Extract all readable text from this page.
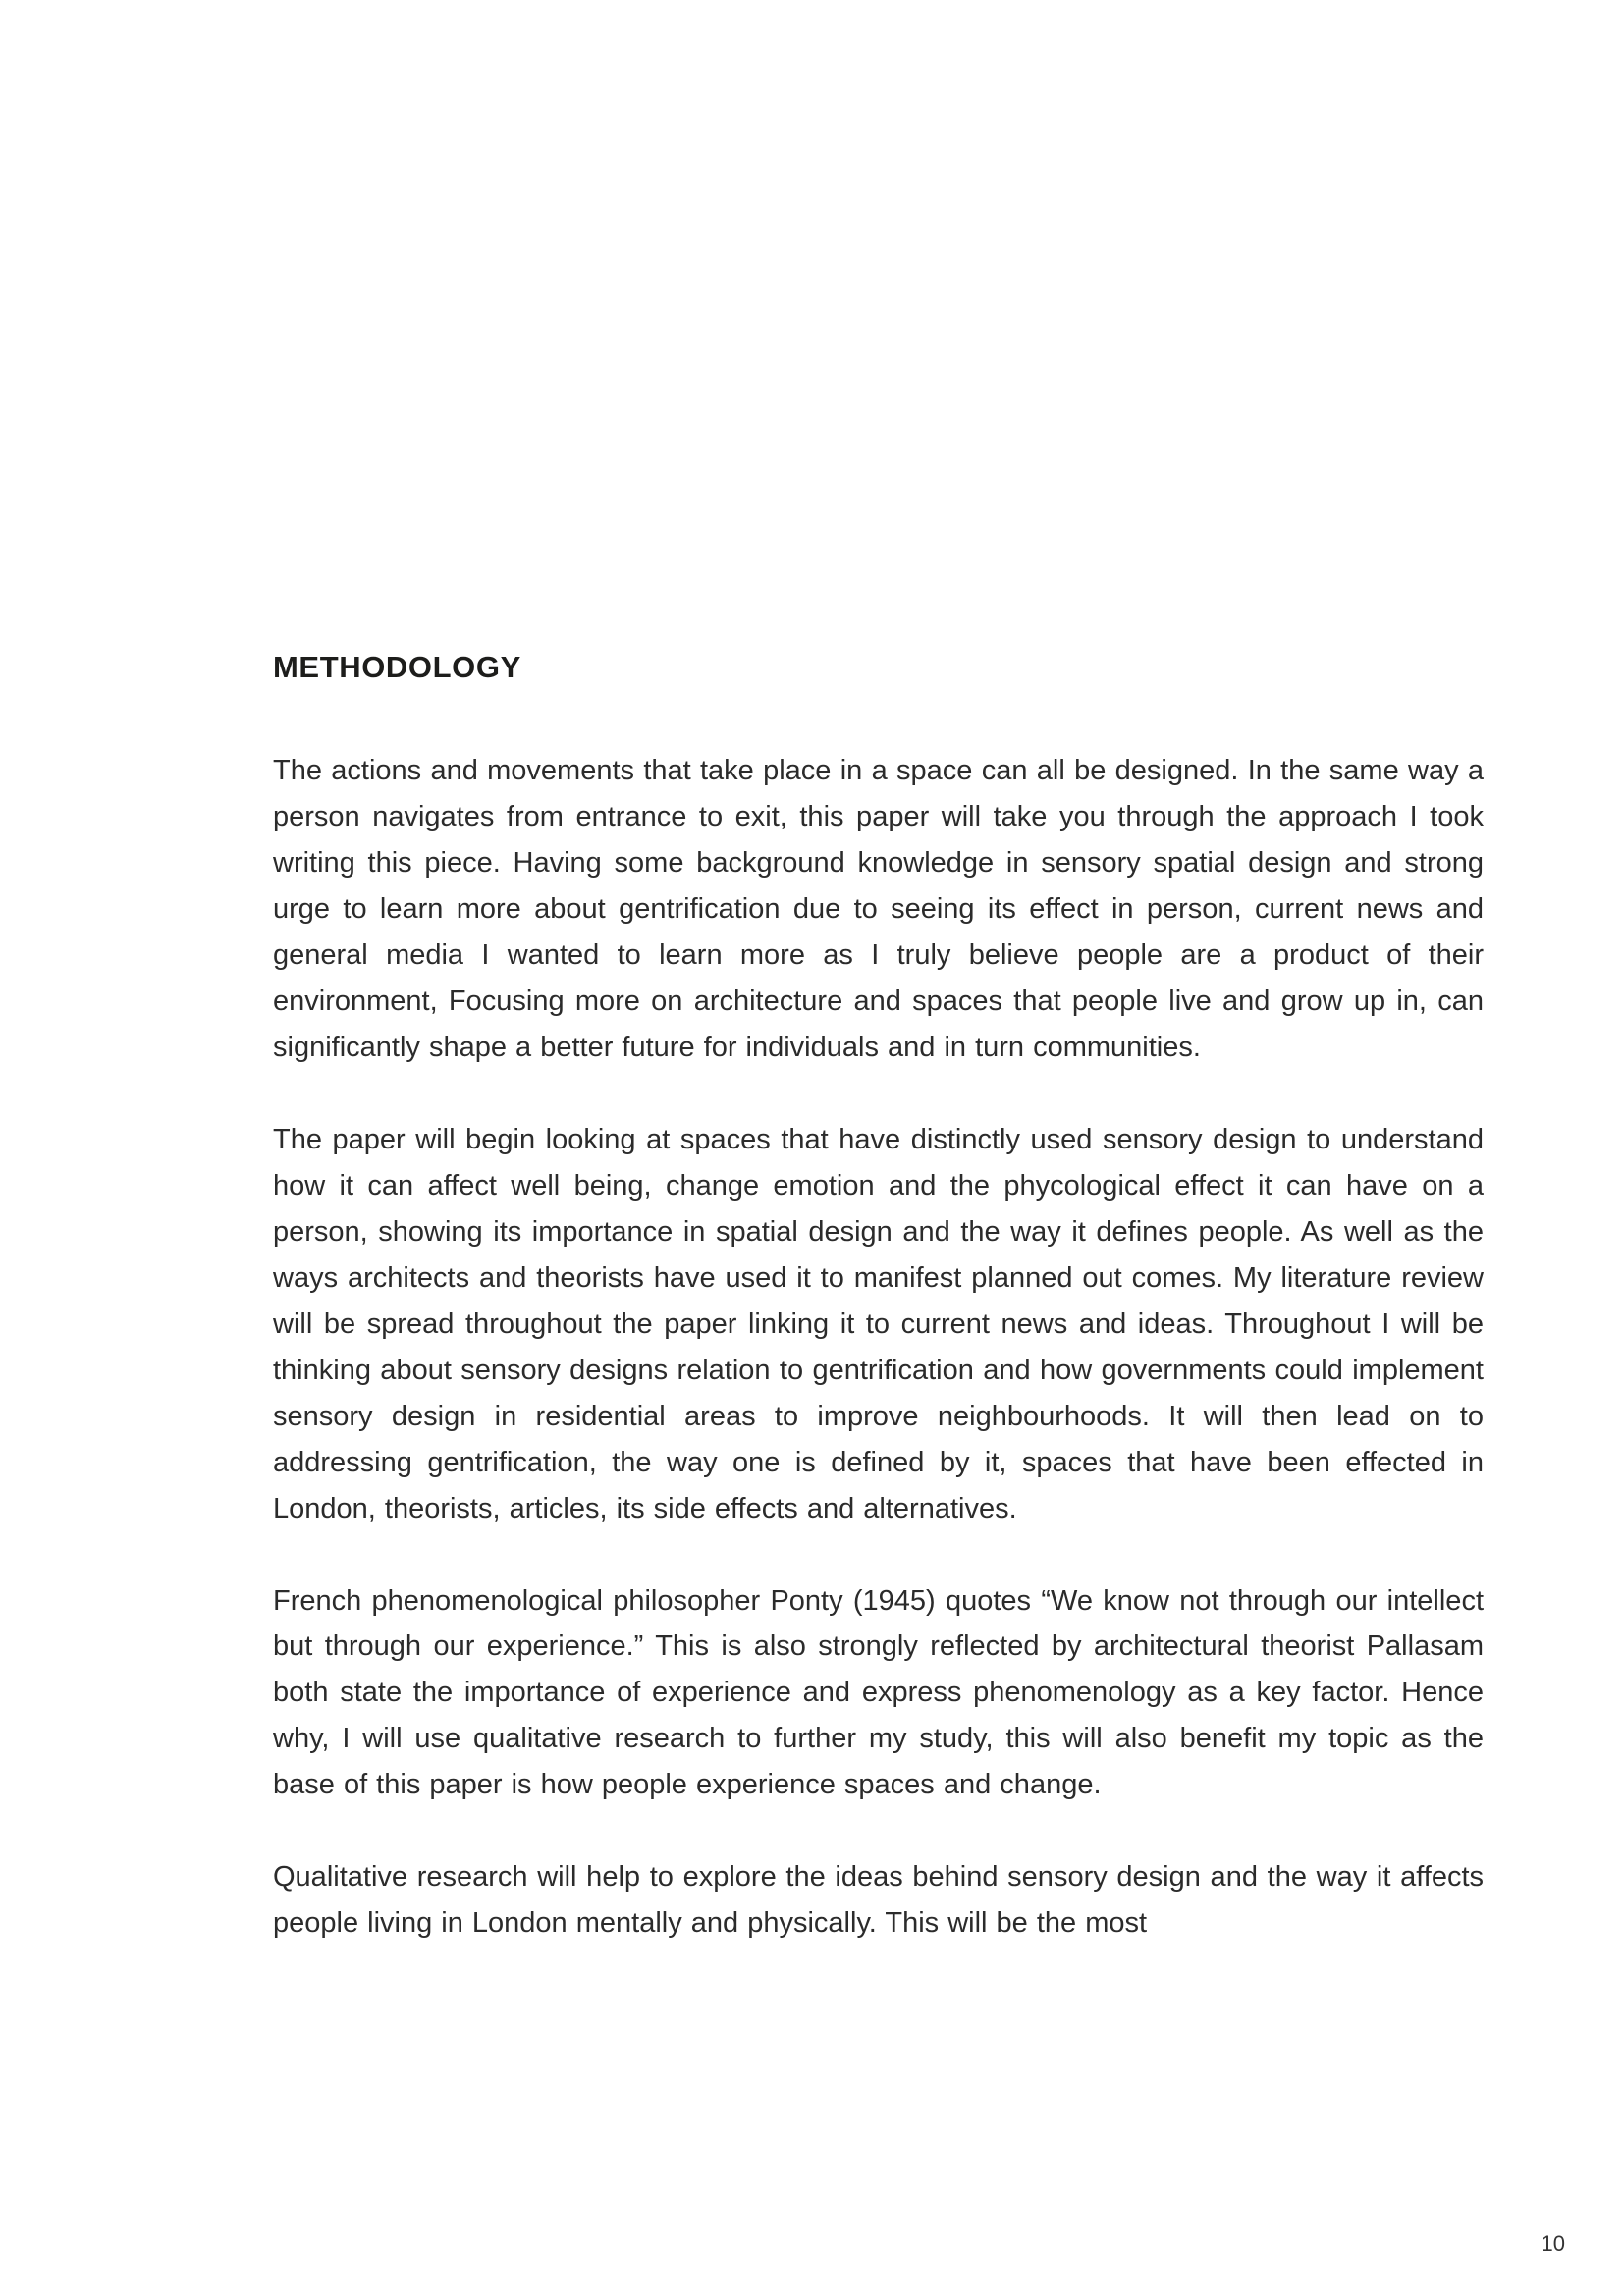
METHODOLOGY

The actions and movements that take place in a space can all be designed. In the same way a person navigates from entrance to exit, this paper will take you through the approach I took writing this piece. Having some background knowledge in sensory spatial design and strong urge to learn more about gentrification due to seeing its effect in person, current news and general media I wanted to learn more as I truly believe people are a product of their environment, Focusing more on architecture and spaces that people live and grow up in, can significantly shape a better future for individuals and in turn communities.

The paper will begin looking at spaces that have distinctly used sensory design to understand how it can affect well being, change emotion and the phycological effect it can have on a person, showing its importance in spatial design and the way it defines people. As well as the ways architects and theorists have used it to manifest planned out comes. My literature review will be spread throughout the paper linking it to current news and ideas. Throughout I will be thinking about sensory designs relation to gentrification and how governments could implement sensory design in residential areas to improve neighbourhoods. It will then lead on to addressing gentrification, the way one is defined by it, spaces that have been effected in London, theorists, articles, its side effects and alternatives.

French phenomenological philosopher Ponty (1945) quotes “We know not through our intellect but through our experience.” This is also strongly reflected by architectural theorist Pallasam both state the importance of experience and express phenomenology as a key factor. Hence why, I will use qualitative research to further my study, this will also benefit my topic as the base of this paper is how people experience spaces and change.

Qualitative research will help to explore the ideas behind sensory design and the way it affects people living in London mentally and physically. This will be the most

10
